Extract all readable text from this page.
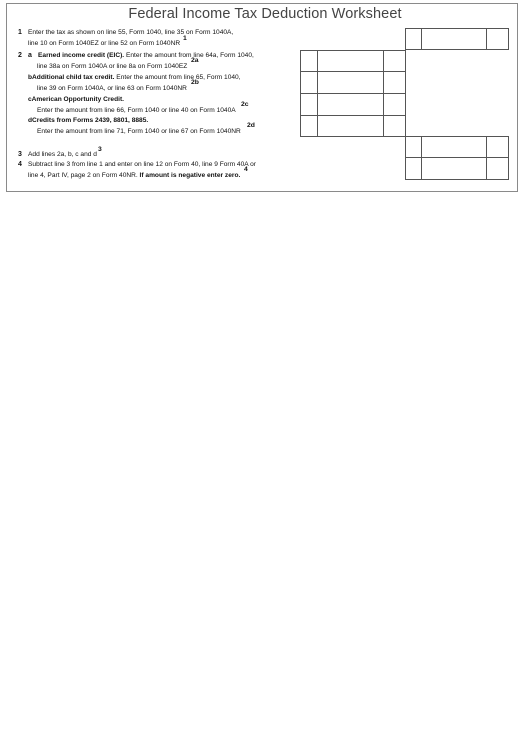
Federal Income Tax Deduction Worksheet
1 Enter the tax as shown on line 55, Form 1040, line 35 on Form 1040A,
line 10 on Form 1040EZ or line 52 on Form 1040NR
1
2 a Earned income credit (EIC). Enter the amount from line 64a, Form 1040,
line 38a on Form 1040A or line 8a on Form 1040EZ
2a
bAdditional child tax credit. Enter the amount from line 65, Form 1040,
line 39 on Form 1040A, or line 63 on Form 1040NR
2b
cAmerican Opportunity Credit.
Enter the amount from line 66, Form 1040 or line 40 on Form 1040A
2c
dCredits from Forms 2439, 8801, 8885.
Enter the amount from line 71, Form 1040 or line 67 on Form 1040NR
2d
3 Add lines 2a, b, c and d
3
4 Subtract line 3 from line 1 and enter on line 12 on Form 40, line 9 Form 40A or
line 4, Part IV, page 2 on Form 40NR. If amount is negative enter zero.
4
